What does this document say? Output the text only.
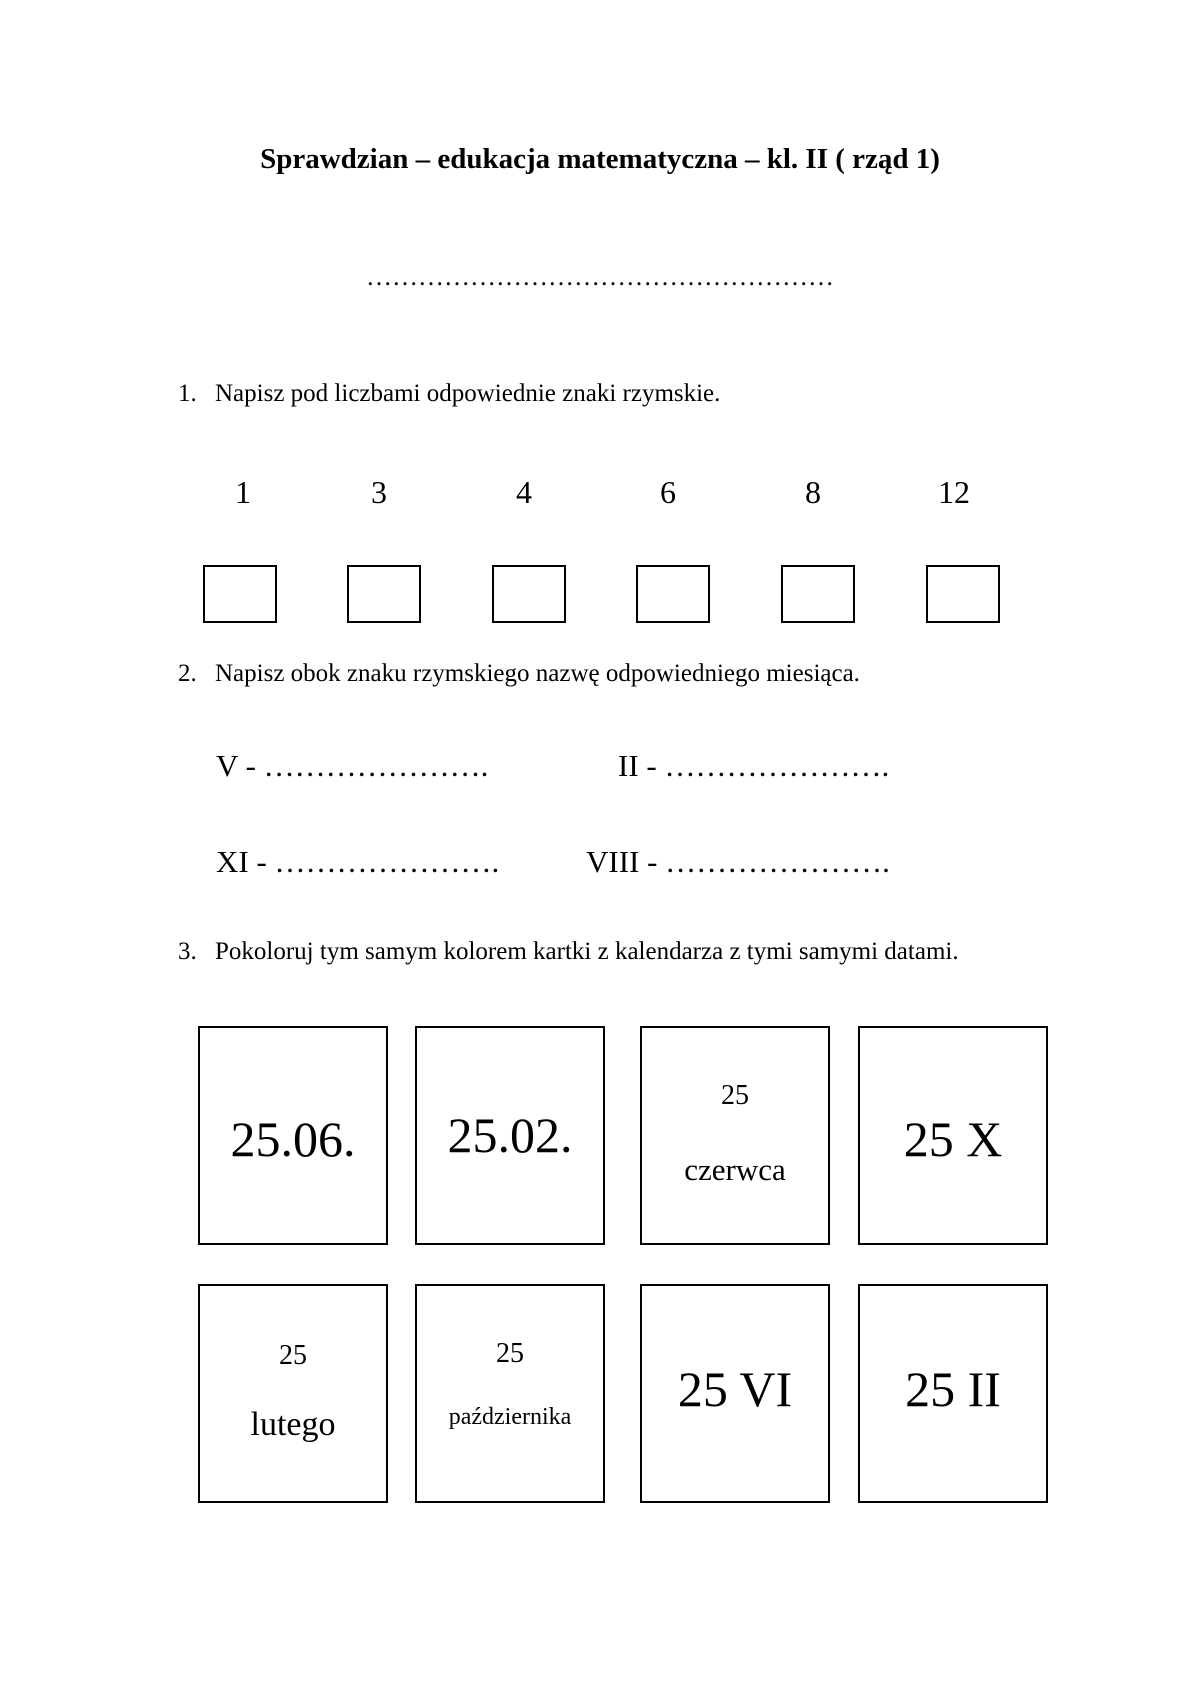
Sprawdzian – edukacja matematyczna – kl. II ( rząd 1)
………………………………………………
1. Napisz pod liczbami odpowiednie znaki rzymskie.
1	3	4	6	8	12
2. Napisz obok znaku rzymskiego nazwę odpowiedniego miesiąca.
V - ………………….	II - ………………….
XI - ………………….	VIII - ………………….
3. Pokoloruj tym samym kolorem kartki z kalendarza z tymi samymi datami.
25.06.	25.02.
25
czerwca
25 X
25
lutego
25
października	25 VI	25 II
